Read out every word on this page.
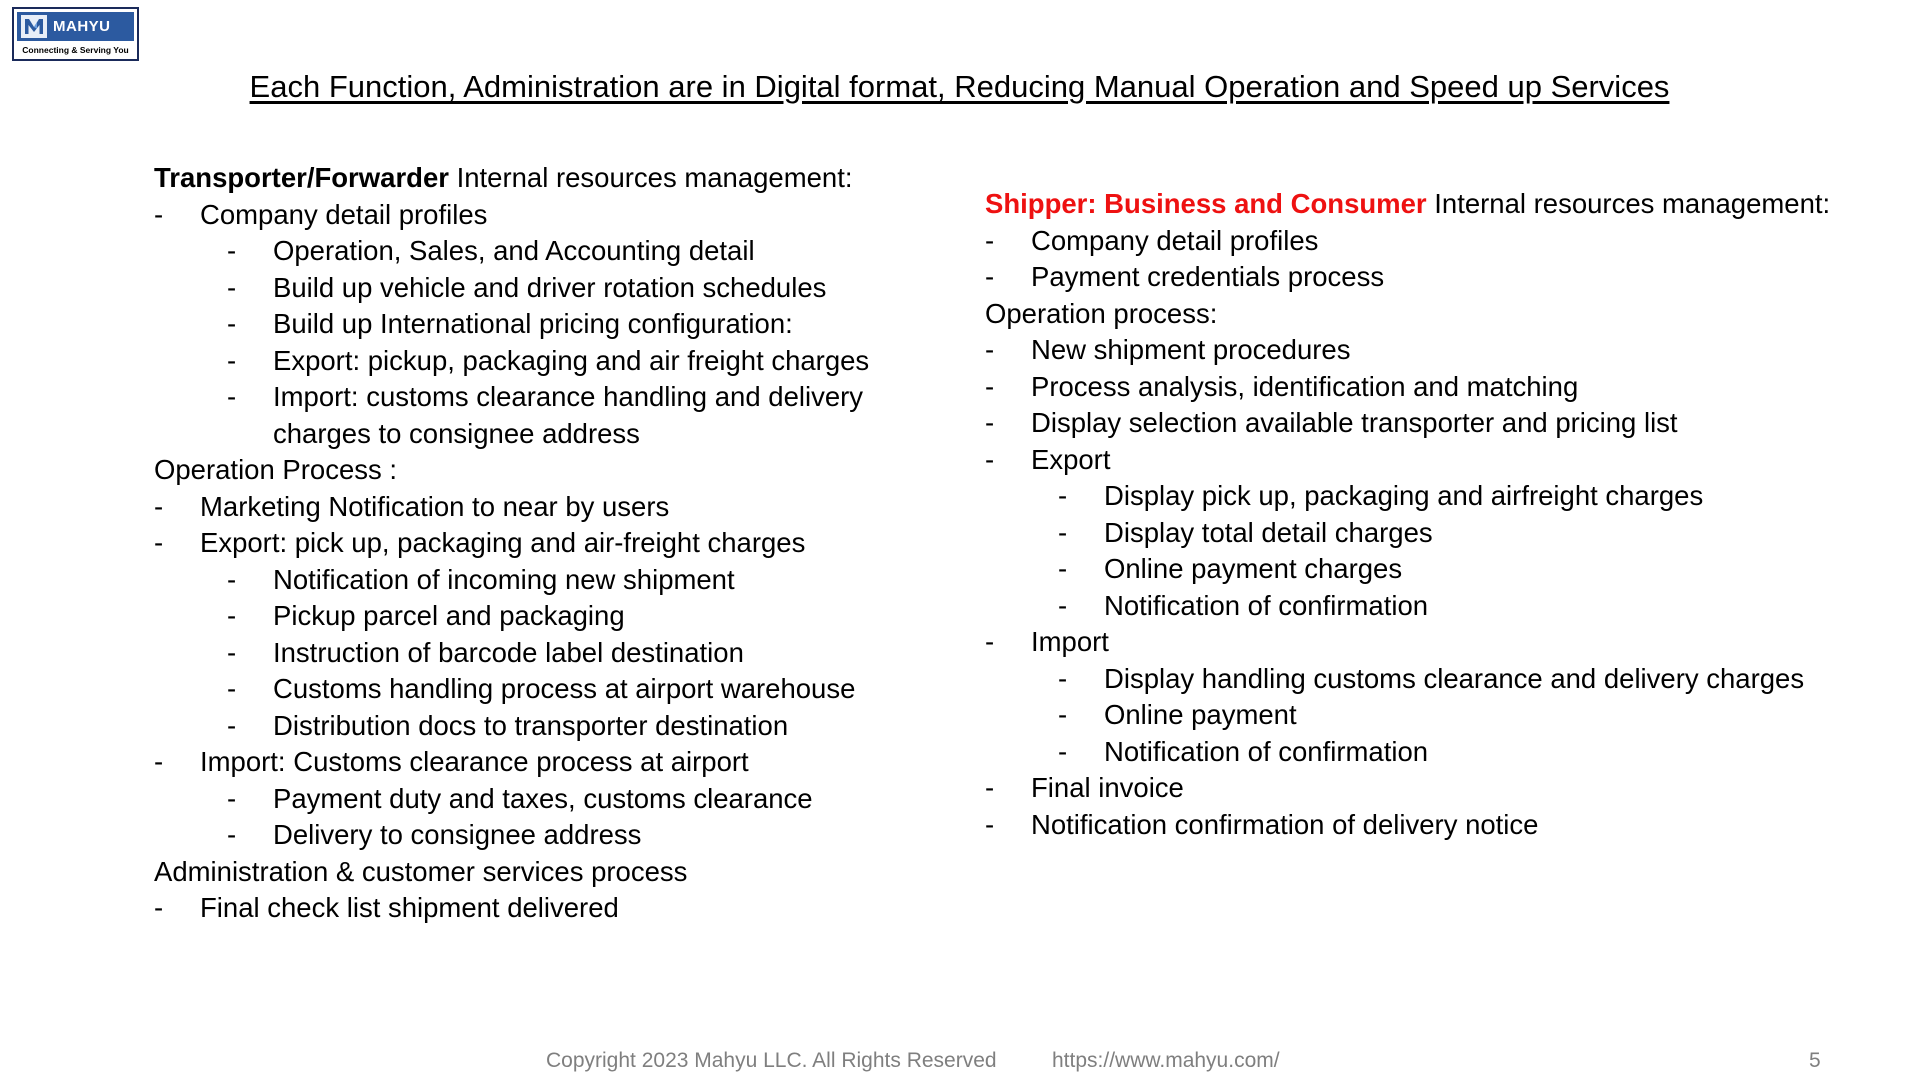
MAHYU
Connecting & Serving You
Each Function, Administration are in Digital format, Reducing Manual Operation and Speed up Services
Transporter/Forwarder Internal resources management:
- Company detail profiles
- Operation, Sales, and Accounting detail
- Build up vehicle and driver rotation schedules
- Build up International pricing configuration:
- Export: pickup, packaging and air freight charges
- Import: customs clearance handling and delivery
charges to consignee address
Operation Process :
- Marketing Notification to near by users
- Export: pick up, packaging and air-freight charges
- Notification of incoming new shipment
- Pickup parcel and packaging
- Instruction of barcode label destination
- Customs handling process at airport warehouse
- Distribution docs to transporter destination
- Import: Customs clearance process at airport
- Payment duty and taxes, customs clearance
- Delivery to consignee address
Administration & customer services process
- Final check list shipment delivered
Shipper: Business and Consumer Internal resources management:
- Company detail profiles
- Payment credentials process
Operation process:
- New shipment procedures
- Process analysis, identification and matching
- Display selection available transporter and pricing list
- Export
- Display pick up, packaging and airfreight charges
- Display total detail charges
- Online payment charges
- Notification of confirmation
- Import
- Display handling customs clearance and delivery charges
- Online payment
- Notification of confirmation
- Final invoice
- Notification confirmation of delivery notice
Copyright 2023 Mahyu LLC. All Rights Reserved	https://www.mahyu.com/	5
